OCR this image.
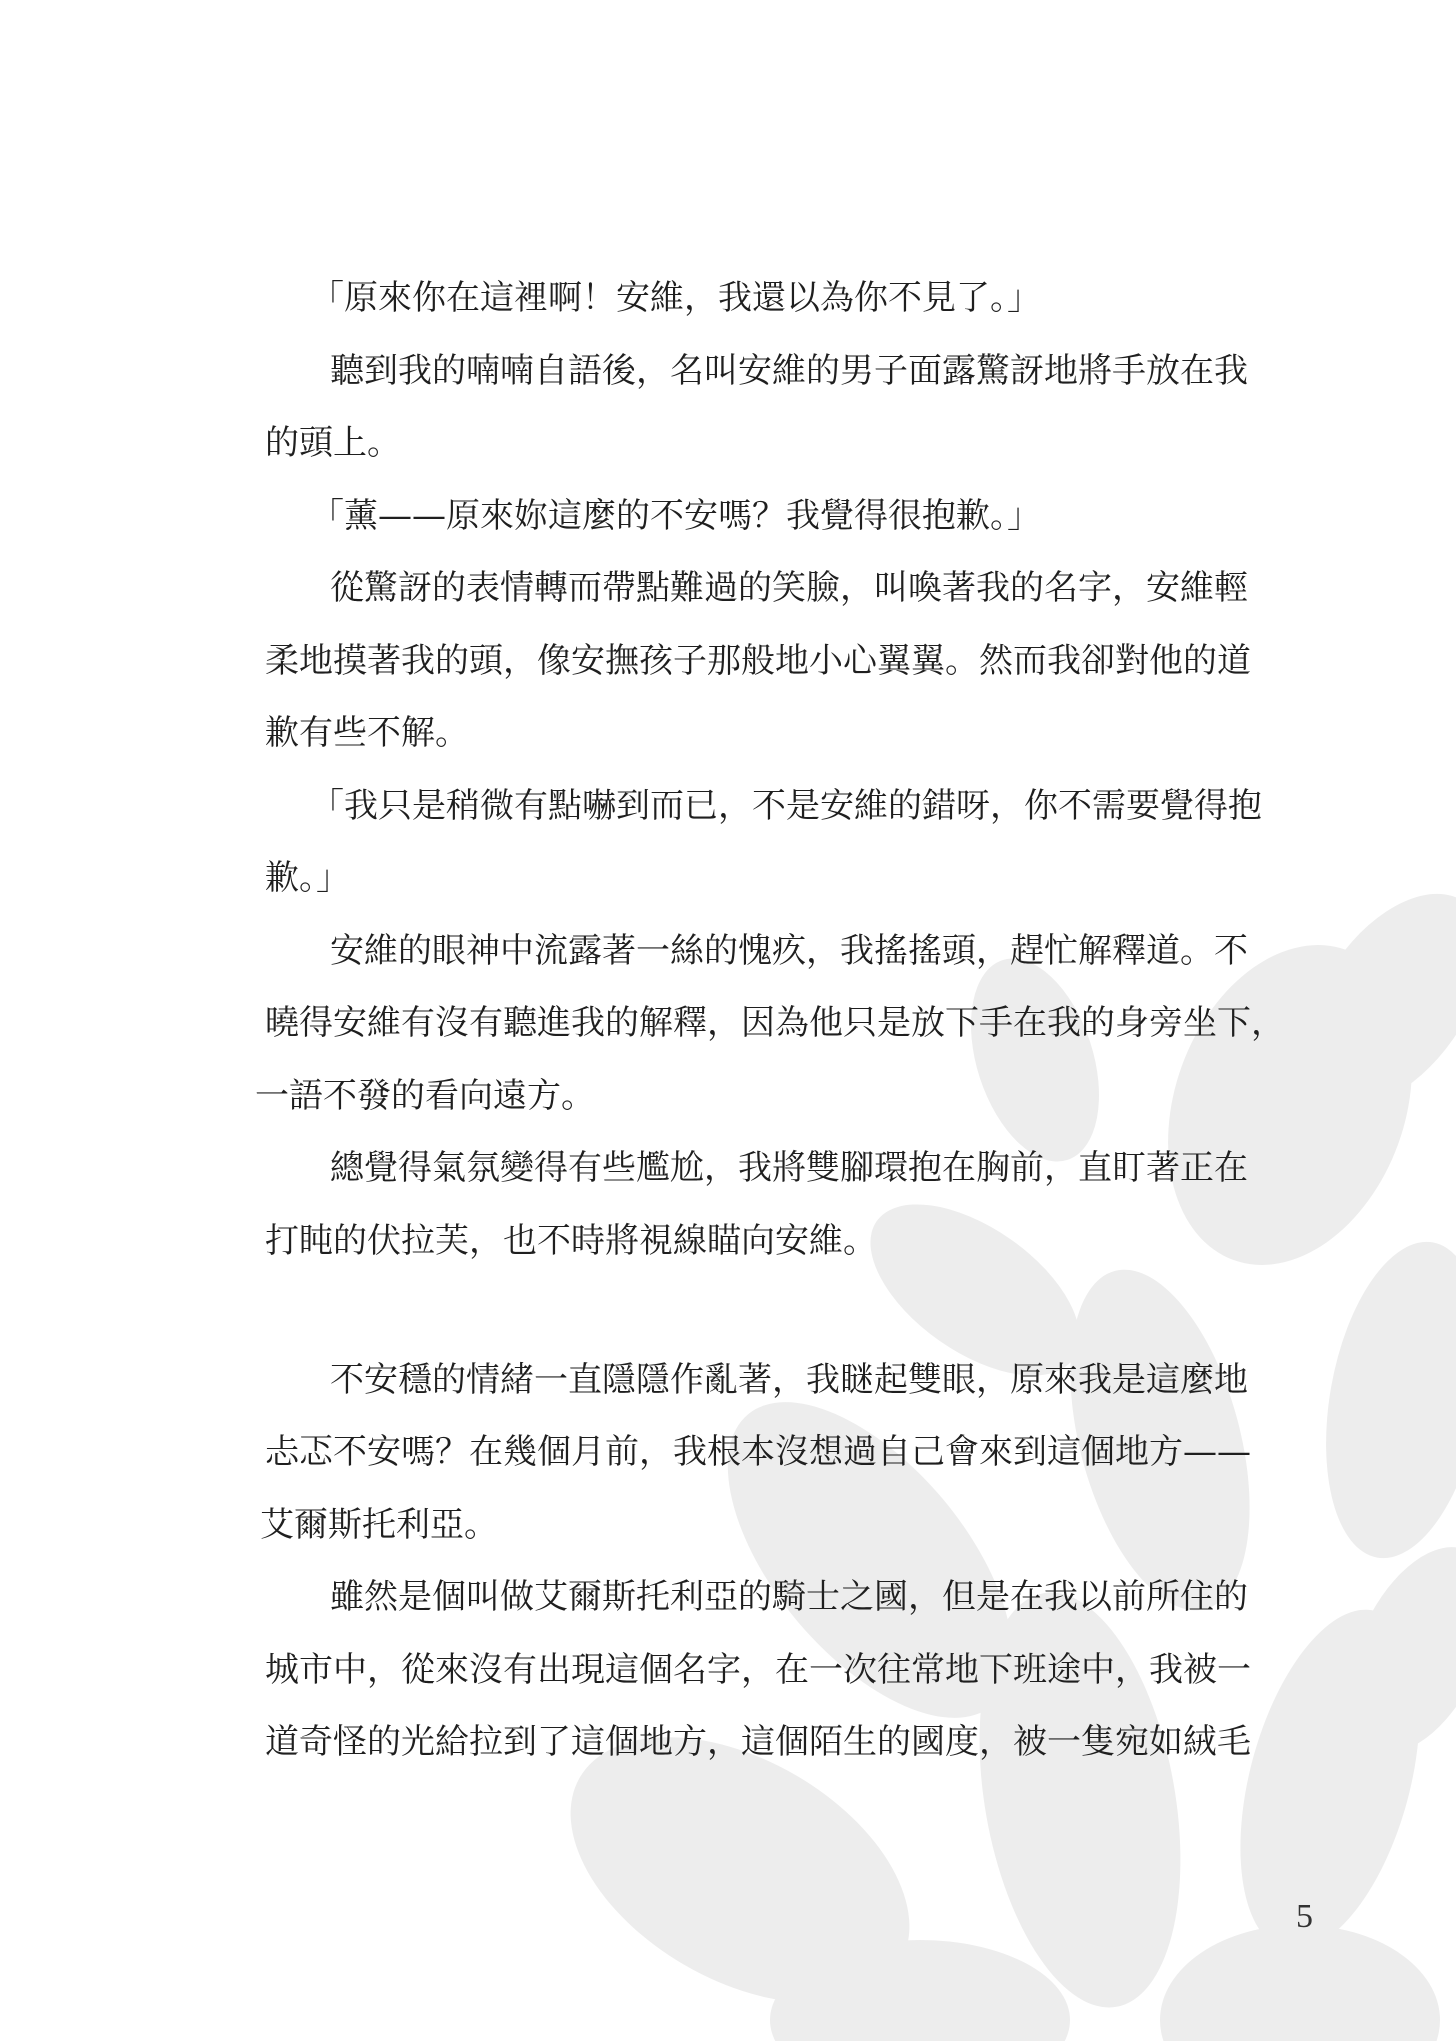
「原來你在這裡啊！安維，我還以為你不見了。」
聽到我的喃喃自語後，名叫安維的男子面露驚訝地將手放在我
的頭上。
「薰——原來妳這麼的不安嗎？我覺得很抱歉。」
從驚訝的表情轉而帶點難過的笑臉，叫喚著我的名字，安維輕
柔地摸著我的頭，像安撫孩子那般地小心翼翼。然而我卻對他的道
歉有些不解。
「我只是稍微有點嚇到而已，不是安維的錯呀，你不需要覺得抱
歉。」
安維的眼神中流露著一絲的愧疚，我搖搖頭，趕忙解釋道。不
曉得安維有沒有聽進我的解釋，因為他只是放下手在我的身旁坐下，
一語不發的看向遠方。
總覺得氣氛變得有些尷尬，我將雙腳環抱在胸前，直盯著正在
打盹的伏拉芙，也不時將視線瞄向安維。
不安穩的情緒一直隱隱作亂著，我瞇起雙眼，原來我是這麼地
忐忑不安嗎？在幾個月前，我根本沒想過自己會來到這個地方——
艾爾斯托利亞。
雖然是個叫做艾爾斯托利亞的騎士之國，但是在我以前所住的
城市中，從來沒有出現這個名字，在一次往常地下班途中，我被一
道奇怪的光給拉到了這個地方，這個陌生的國度，被一隻宛如絨毛
5
